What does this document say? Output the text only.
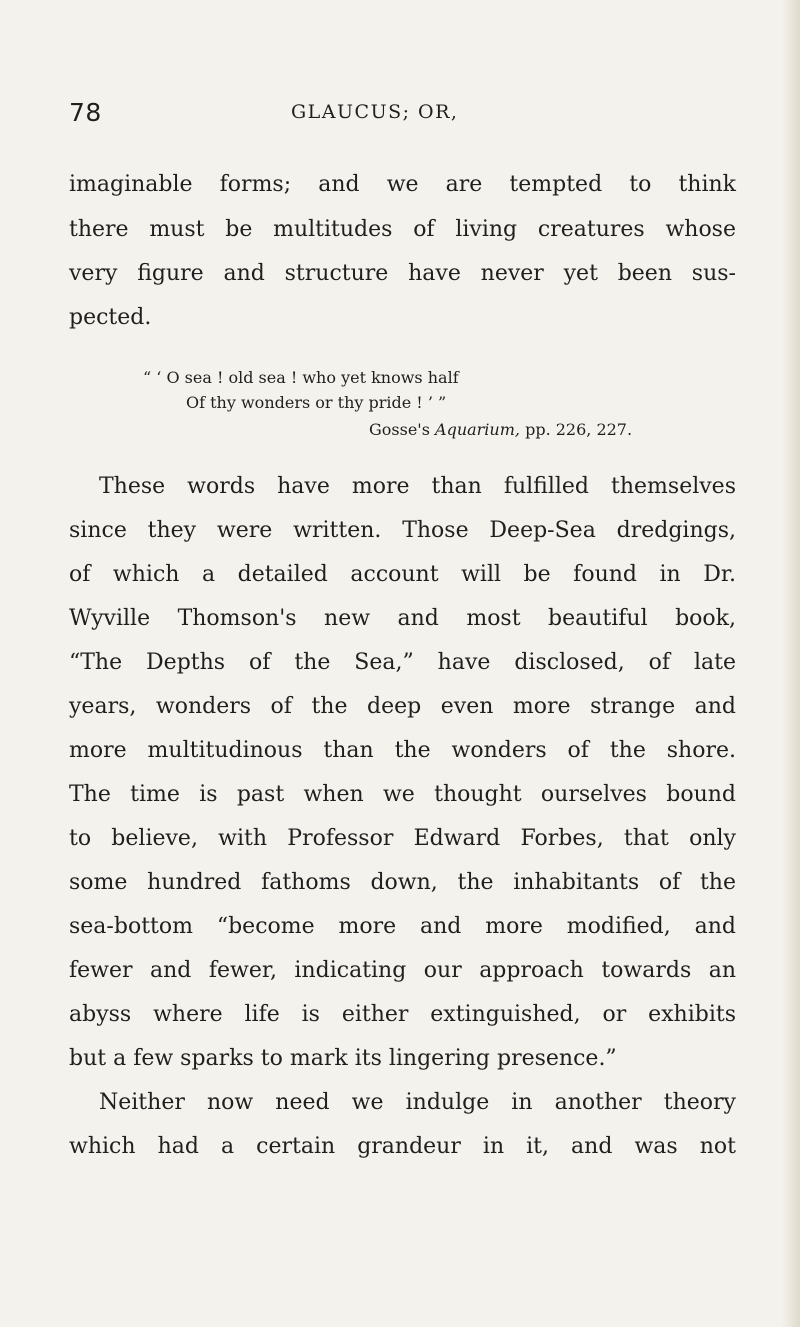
78	GLAUCUS; OR,
imaginable forms; and we are tempted to think
there must be multitudes of living creatures whose
very figure and structure have never yet been sus-
pected.
“ ‘ O sea ! old sea ! who yet knows half
Of thy wonders or thy pride ! ’ ”
Gosse's Aquarium, pp. 226, 227.
These words have more than fulfilled themselves
since they were written. Those Deep-Sea dredgings,
of which a detailed account will be found in Dr.
Wyville Thomson's new and most beautiful book,
“The Depths of the Sea,” have disclosed, of late
years, wonders of the deep even more strange and
more multitudinous than the wonders of the shore.
The time is past when we thought ourselves bound
to believe, with Professor Edward Forbes, that only
some hundred fathoms down, the inhabitants of the
sea-bottom “become more and more modified, and
fewer and fewer, indicating our approach towards an
abyss where life is either extinguished, or exhibits
but a few sparks to mark its lingering presence.”
Neither now need we indulge in another theory
which had a certain grandeur in it, and was not
